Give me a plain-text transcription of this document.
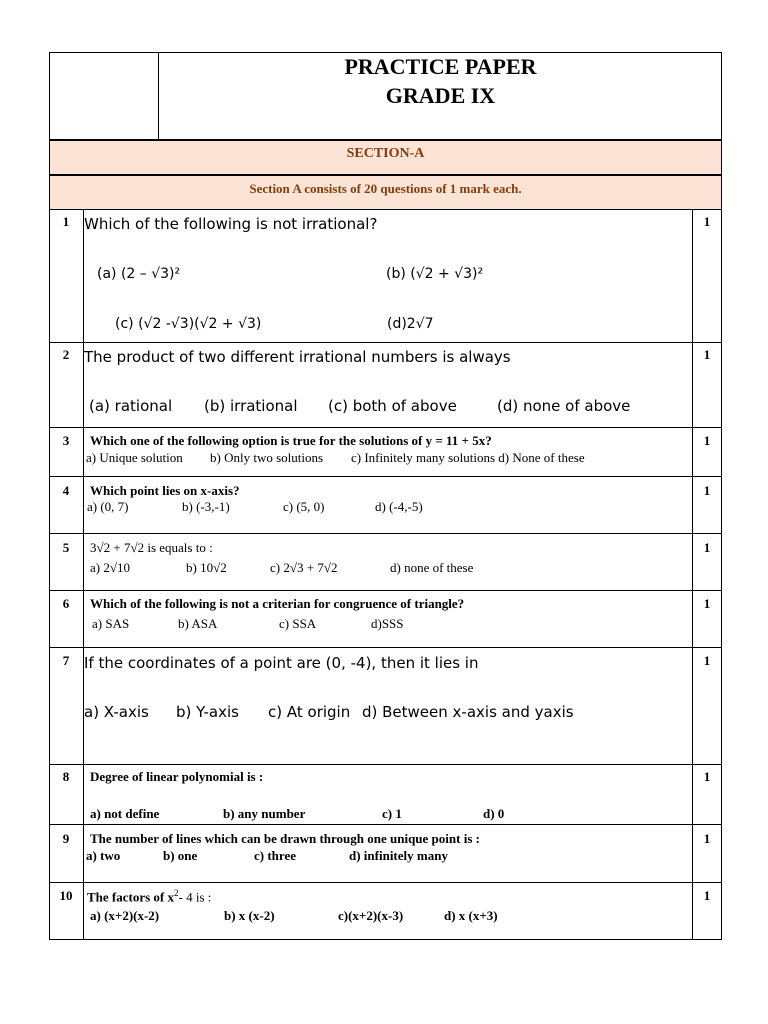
PRACTICE PAPER
GRADE IX
SECTION-A
Section A consists of 20 questions of 1 mark each.
1 Which of the following is not irrational?
(a) (2 – √3)²	(b) (√2 + √3)²
(c) (√2 -√3)(√2 + √3)	(d)2√7
1
2 The product of two different irrational numbers is always
(a) rational (b) irrational (c) both of above	(d) none of above
1
3	Which one of the following option is true for the solutions of y = 11 + 5x?
a) Unique solution b) Only two solutions c) Infinitely many solutions d) None of these
1
4	Which point lies on x-axis?
a) (0, 7)	b) (-3,-1)	c) (5, 0)	d) (-4,-5)
1
5	3√2 + 7√2 is equals to :
a) 2√10	b) 10√2	c) 2√3 + 7√2	d) none of these
1
6	Which of the following is not a criterian for congruence of triangle?
a) SAS	b) ASA	c) SSA	d)SSS
1
7 If the coordinates of a point are (0, -4), then it lies in
a) X-axis b) Y-axis c) At origin d) Between x-axis and yaxis
1
8	Degree of linear polynomial is :
a) not define	b) any number	c) 1	d) 0
1
9	The number of lines which can be drawn through one unique point is :
a) two	b) one	c) three	d) infinitely many
1
10	The factors of $x^2-$ 4 is :
a) (x+2)(x-2)	b) x (x-2)	c)(x+2)(x-3)	d) x (x+3)
1
